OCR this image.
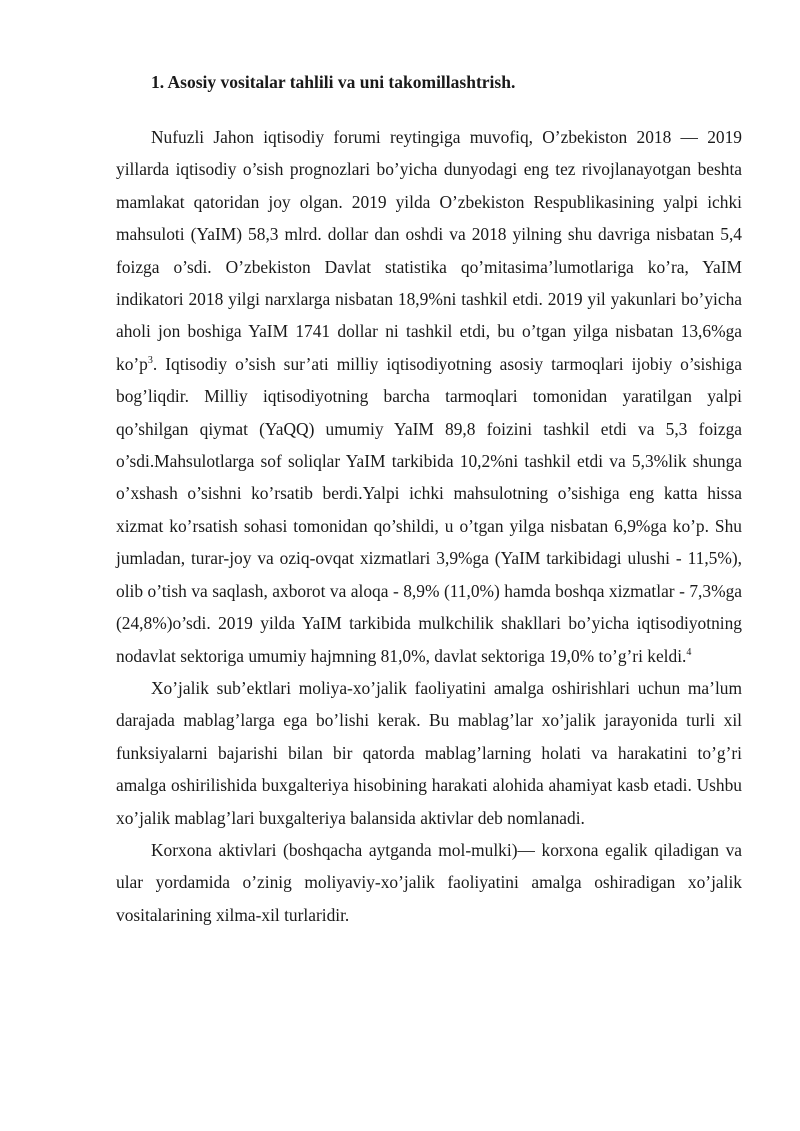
1. Asosiy vositalar tahlili va uni takomillashtrish.

Nufuzli Jahon iqtisodiy forumi reytingiga muvofiq, O’zbekiston 2018 — 2019 yillarda iqtisodiy o’sish prognozlari bo’yicha dunyodagi eng tez rivojlanayotgan beshta mamlakat qatoridan joy olgan. 2019 yilda O’zbekiston Respublikasining yalpi ichki mahsuloti (YaIM) 58,3 mlrd. dollar dan oshdi va 2018 yilning shu davriga nisbatan 5,4 foizga o’sdi. O’zbekiston Davlat statistika qo’mitasima’lumotlariga ko’ra, YaIM indikatori 2018 yilgi narxlarga nisbatan 18,9%ni tashkil etdi. 2019 yil yakunlari bo’yicha aholi jon boshiga YaIM 1741 dollar ni tashkil etdi, bu o’tgan yilga nisbatan 13,6%ga $ko’p^3$. Iqtisodiy o’sish sur’ati milliy iqtisodiyotning asosiy tarmoqlari ijobiy o’sishiga bog’liqdir. Milliy iqtisodiyotning barcha tarmoqlari tomonidan yaratilgan yalpi qo’shilgan qiymat (YaQQ) umumiy YaIM 89,8 foizini tashkil etdi va 5,3 foizga o’sdi.Mahsulotlarga sof soliqlar YaIM tarkibida 10,2%ni tashkil etdi va 5,3%lik shunga o’xshash o’sishni ko’rsatib berdi.Yalpi ichki mahsulotning o’sishiga eng katta hissa xizmat ko’rsatish sohasi tomonidan qo’shildi, u o’tgan yilga nisbatan 6,9%ga ko’p. Shu jumladan, turar-joy va oziq-ovqat xizmatlari 3,9%ga (YaIM tarkibidagi ulushi - 11,5%), olib o’tish va saqlash, axborot va aloqa - 8,9% (11,0%) hamda boshqa xizmatlar - 7,3%ga (24,8%)o’sdi. 2019 yilda YaIM tarkibida mulkchilik shakllari bo’yicha iqtisodiyotning nodavlat sektoriga umumiy hajmning 81,0%, davlat sektoriga 19,0% to’g’ri keldi.$^4$

Xo’jalik sub’ektlari moliya-xo’jalik faoliyatini amalga oshirishlari uchun ma’lum darajada mablag’larga ega bo’lishi kerak. Bu mablag’lar xo’jalik jarayonida turli xil funksiyalarni bajarishi bilan bir qatorda mablag’larning holati va harakatini to’g’ri amalga oshirilishida buxgalteriya hisobining harakati alohida ahamiyat kasb etadi. Ushbu xo’jalik mablag’lari buxgalteriya balansida aktivlar deb nomlanadi.

Korxona aktivlari (boshqacha aytganda mol-mulki)— korxona egalik qiladigan va ular yordamida o’zinig moliyaviy-xo’jalik faoliyatini amalga oshiradigan xo’jalik vositalarining xilma-xil turlaridir.
